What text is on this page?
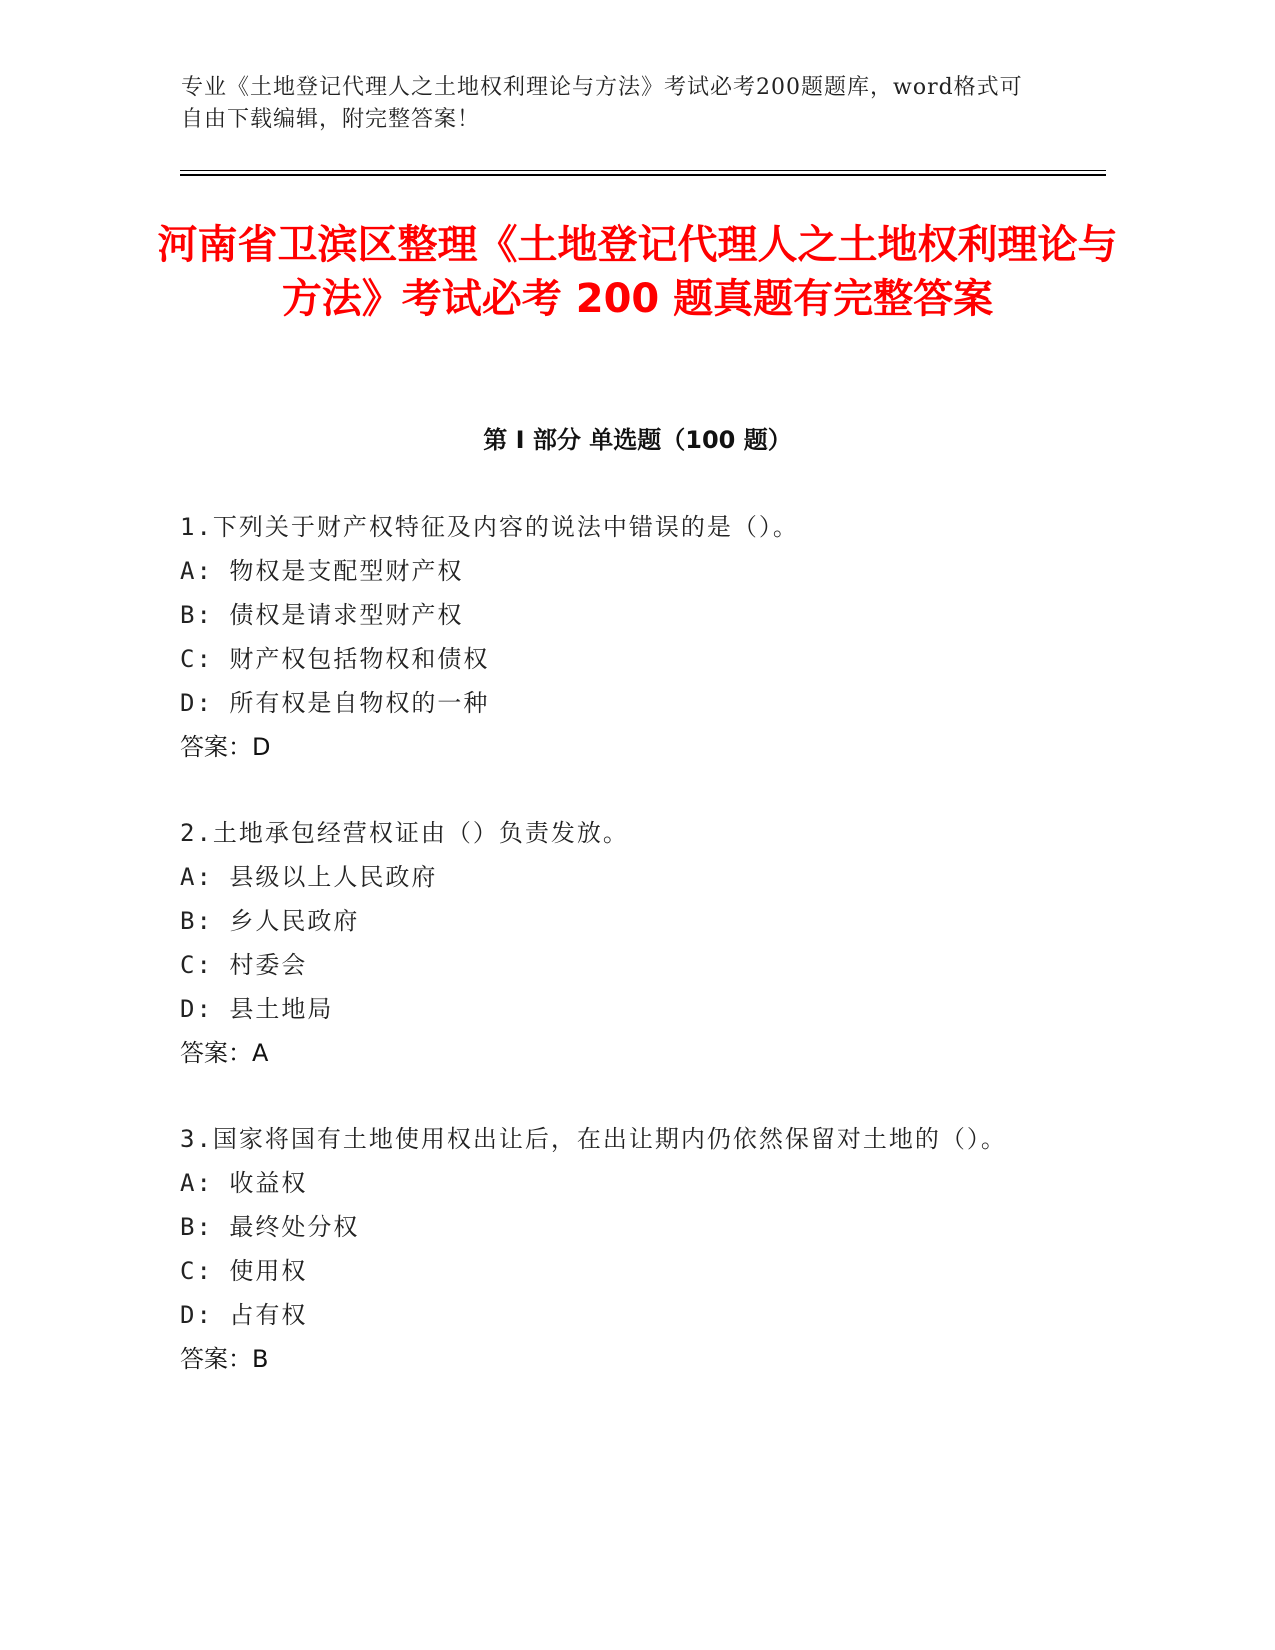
专业《土地登记代理人之土地权利理论与方法》考试必考200题题库，word格式可自由下载编辑，附完整答案！
河南省卫滨区整理《土地登记代理人之土地权利理论与方法》考试必考 200 题真题有完整答案
第 I 部分 单选题（100 题）
1.下列关于财产权特征及内容的说法中错误的是（）。
A: 物权是支配型财产权
B: 债权是请求型财产权
C: 财产权包括物权和债权
D: 所有权是自物权的一种
答案：D
2.土地承包经营权证由（）负责发放。
A: 县级以上人民政府
B: 乡人民政府
C: 村委会
D: 县土地局
答案：A
3.国家将国有土地使用权出让后，在出让期内仍依然保留对土地的（）。
A: 收益权
B: 最终处分权
C: 使用权
D: 占有权
答案：B
